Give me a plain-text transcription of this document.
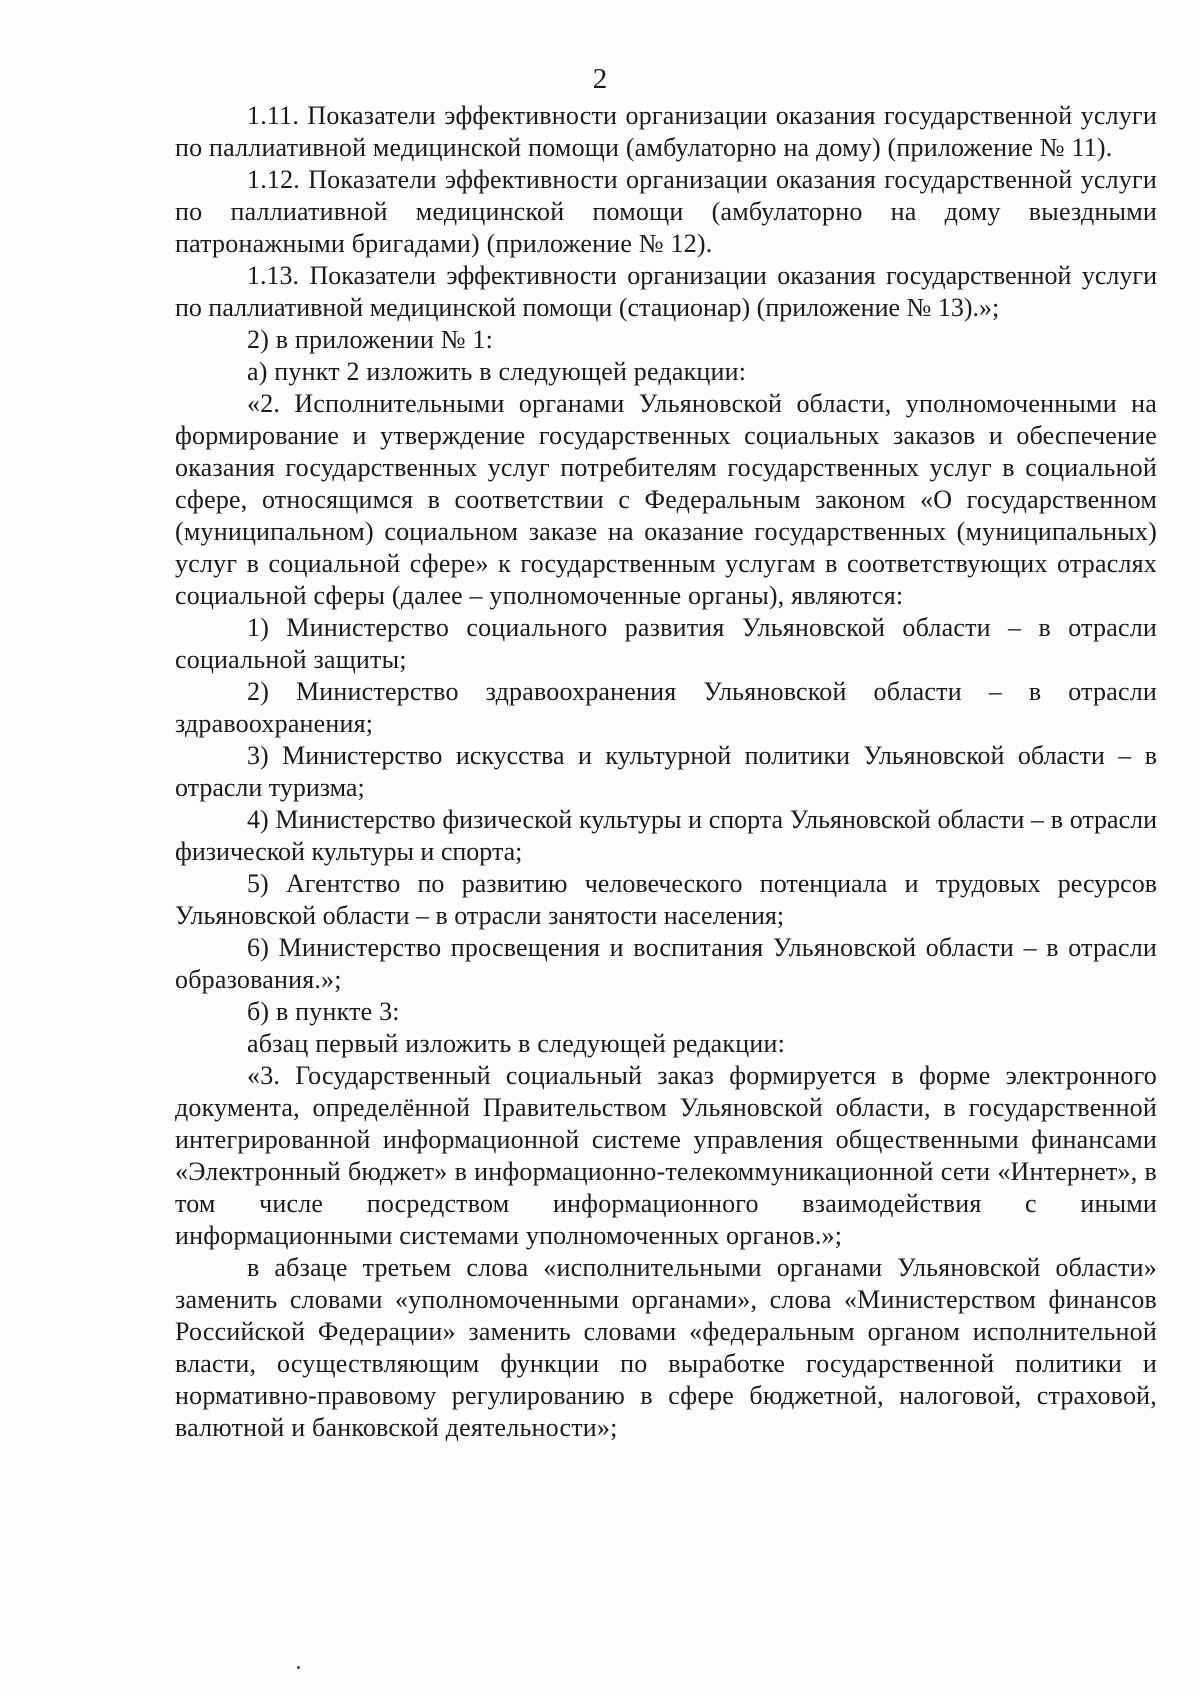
2

1.11. Показатели эффективности организации оказания государственной услуги по паллиативной медицинской помощи (амбулаторно на дому) (приложение № 11).

1.12. Показатели эффективности организации оказания государственной услуги по паллиативной медицинской помощи (амбулаторно на дому выездными патронажными бригадами) (приложение № 12).

1.13. Показатели эффективности организации оказания государственной услуги по паллиативной медицинской помощи (стационар) (приложение № 13).»;

2) в приложении № 1:

а) пункт 2 изложить в следующей редакции:

«2. Исполнительными органами Ульяновской области, уполномоченными на формирование и утверждение государственных социальных заказов и обеспечение оказания государственных услуг потребителям государственных услуг в социальной сфере, относящимся в соответствии с Федеральным законом «О государственном (муниципальном) социальном заказе на оказание государственных (муниципальных) услуг в социальной сфере» к государственным услугам в соответствующих отраслях социальной сферы (далее – уполномоченные органы), являются:

1) Министерство социального развития Ульяновской области – в отрасли социальной защиты;

2) Министерство здравоохранения Ульяновской области – в отрасли здравоохранения;

3) Министерство искусства и культурной политики Ульяновской области – в отрасли туризма;

4) Министерство физической культуры и спорта Ульяновской области – в отрасли физической культуры и спорта;

5) Агентство по развитию человеческого потенциала и трудовых ресурсов Ульяновской области – в отрасли занятости населения;

6) Министерство просвещения и воспитания Ульяновской области – в отрасли образования.»;

б) в пункте 3:

абзац первый изложить в следующей редакции:

«3. Государственный социальный заказ формируется в форме электронного документа, определённой Правительством Ульяновской области, в государственной интегрированной информационной системе управления общественными финансами «Электронный бюджет» в информационно-телекоммуникационной сети «Интернет», в том числе посредством информационного взаимодействия с иными информационными системами уполномоченных органов.»;

в абзаце третьем слова «исполнительными органами Ульяновской области» заменить словами «уполномоченными органами», слова «Министерством финансов Российской Федерации» заменить словами «федеральным органом исполнительной власти, осуществляющим функции по выработке государственной политики и нормативно-правовому регулированию в сфере бюджетной, налоговой, страховой, валютной и банковской деятельности»;
